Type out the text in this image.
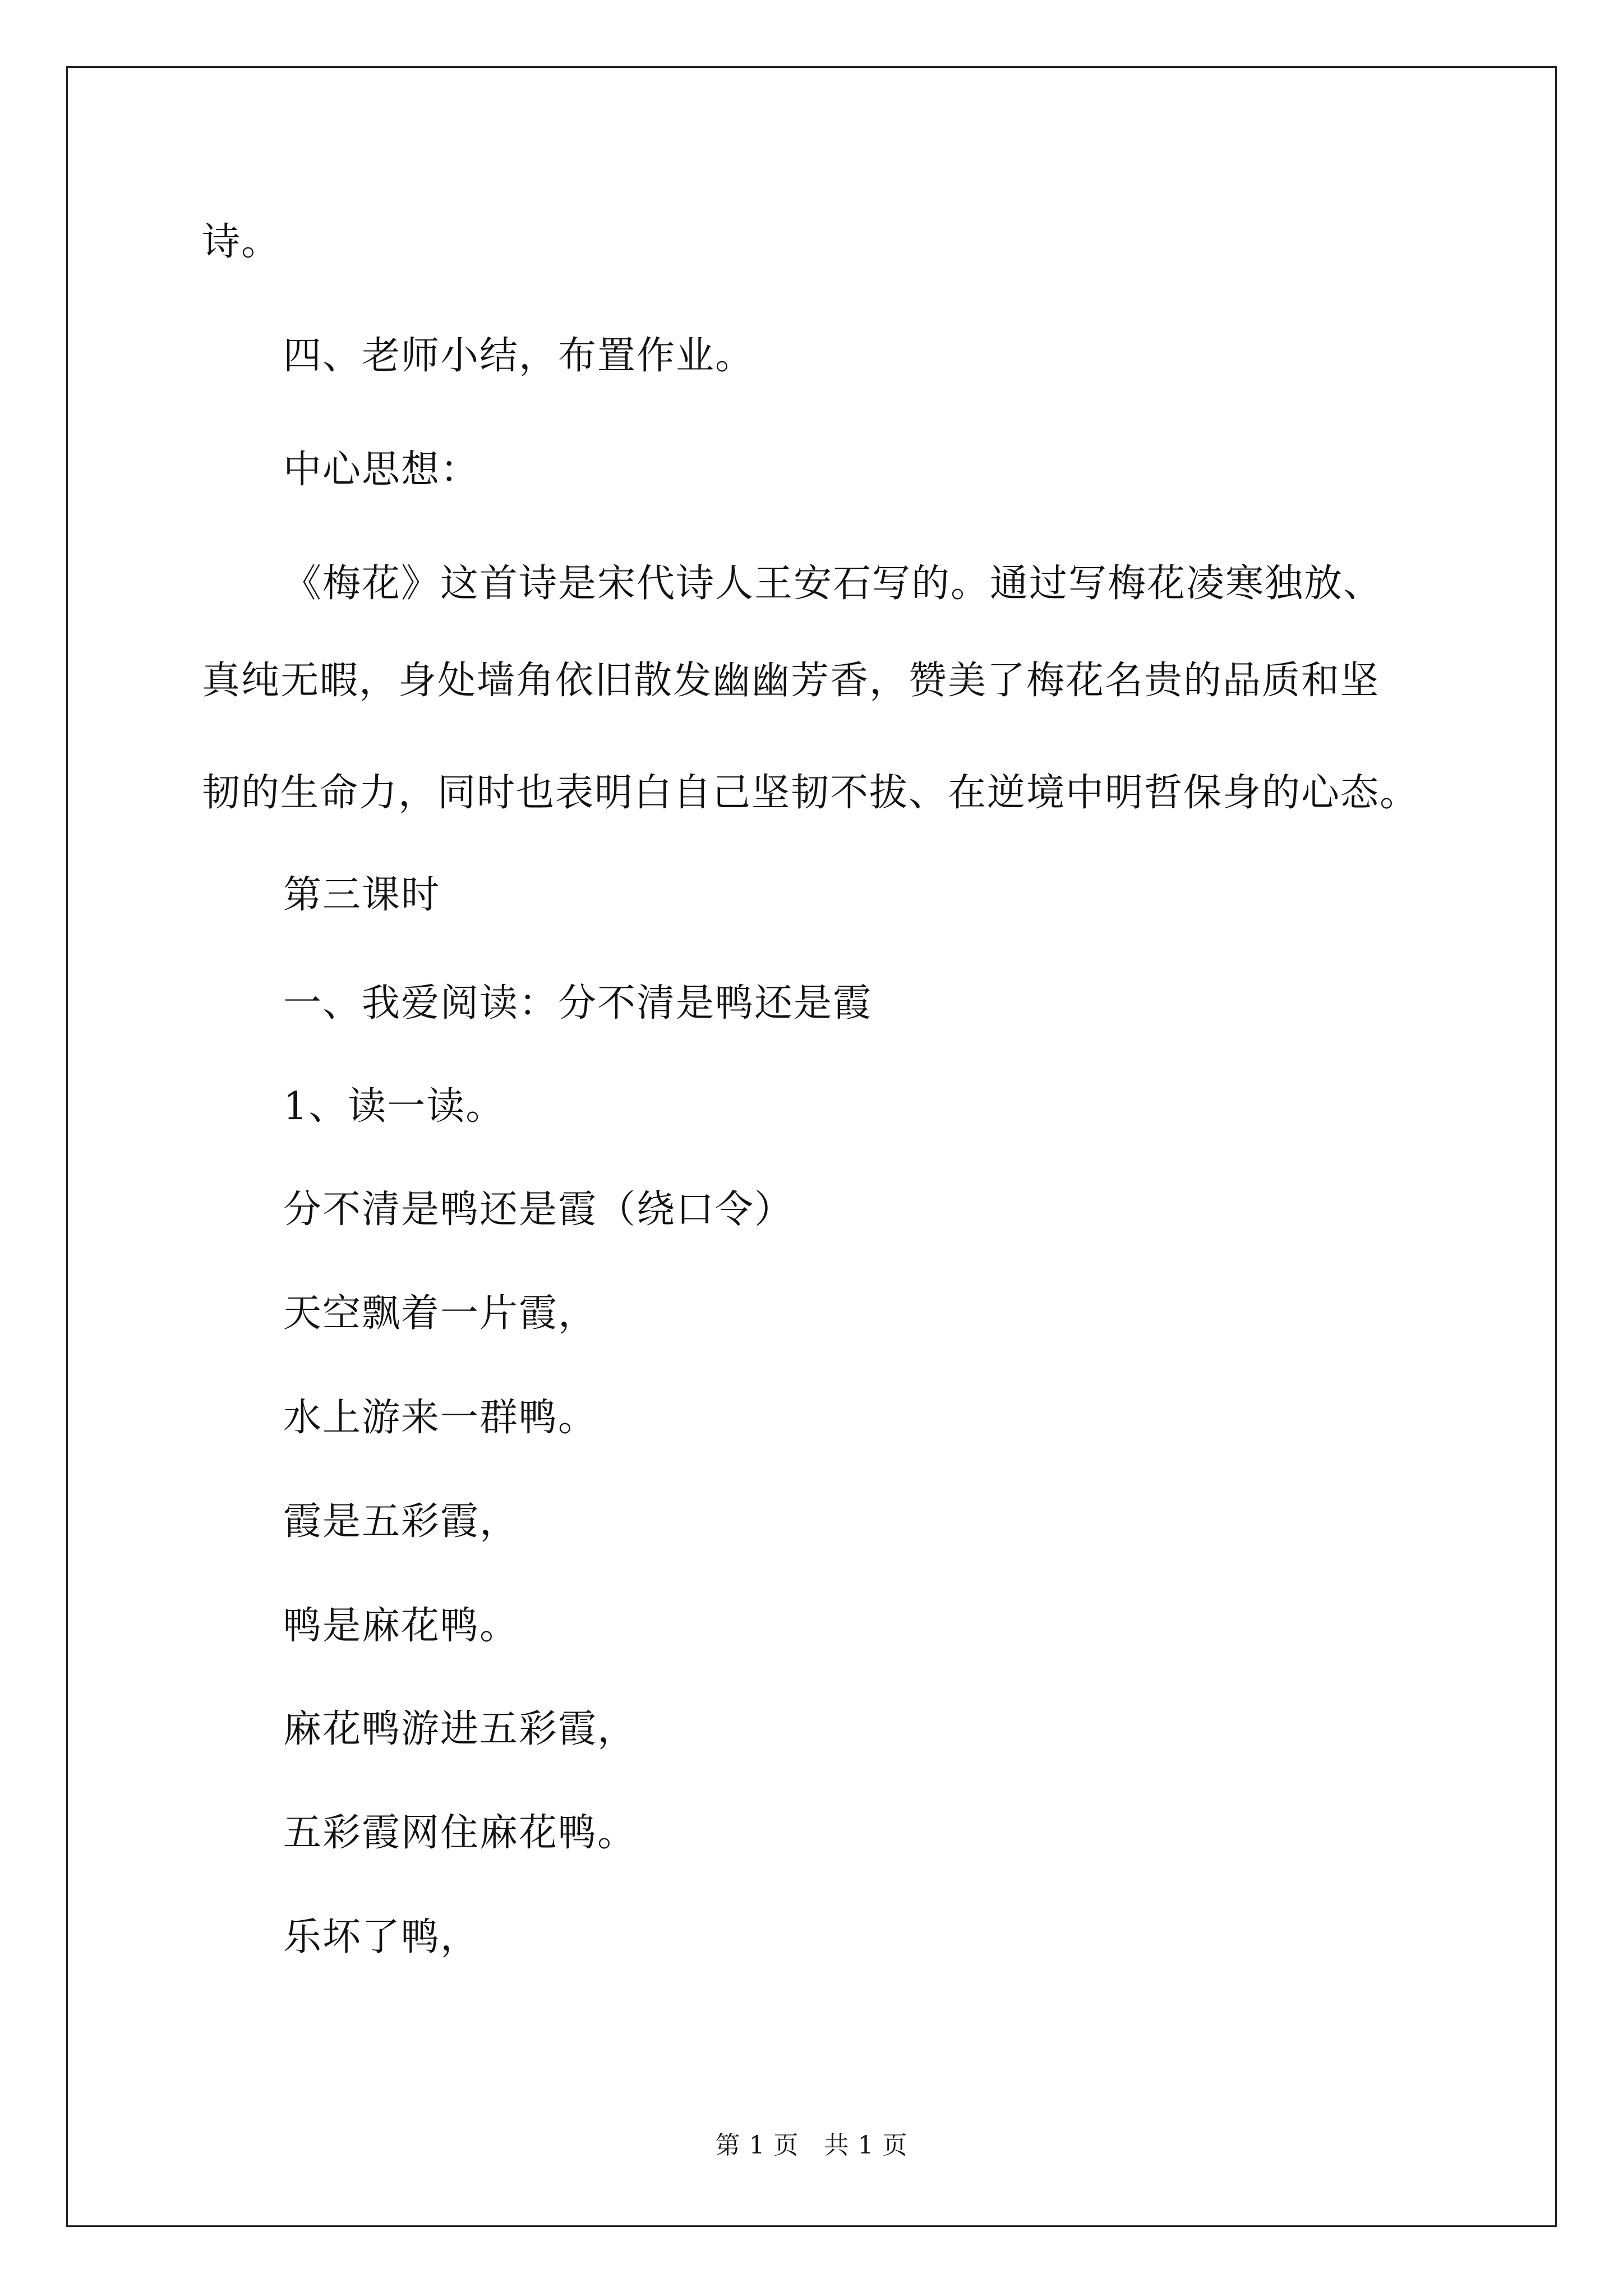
诗。
四、老师小结，布置作业。
中心思想：
《梅花》这首诗是宋代诗人王安石写的。通过写梅花凌寒独放、
真纯无暇，身处墙角依旧散发幽幽芳香，赞美了梅花名贵的品质和坚
韧的生命力，同时也表明白自己坚韧不拔、在逆境中明哲保身的心态。
第三课时
一、我爱阅读：分不清是鸭还是霞
1、读一读。
分不清是鸭还是霞（绕口令）
天空飘着一片霞，
水上游来一群鸭。
霞是五彩霞，
鸭是麻花鸭。
麻花鸭游进五彩霞，
五彩霞网住麻花鸭。
乐坏了鸭，
第 1 页   共 1 页
